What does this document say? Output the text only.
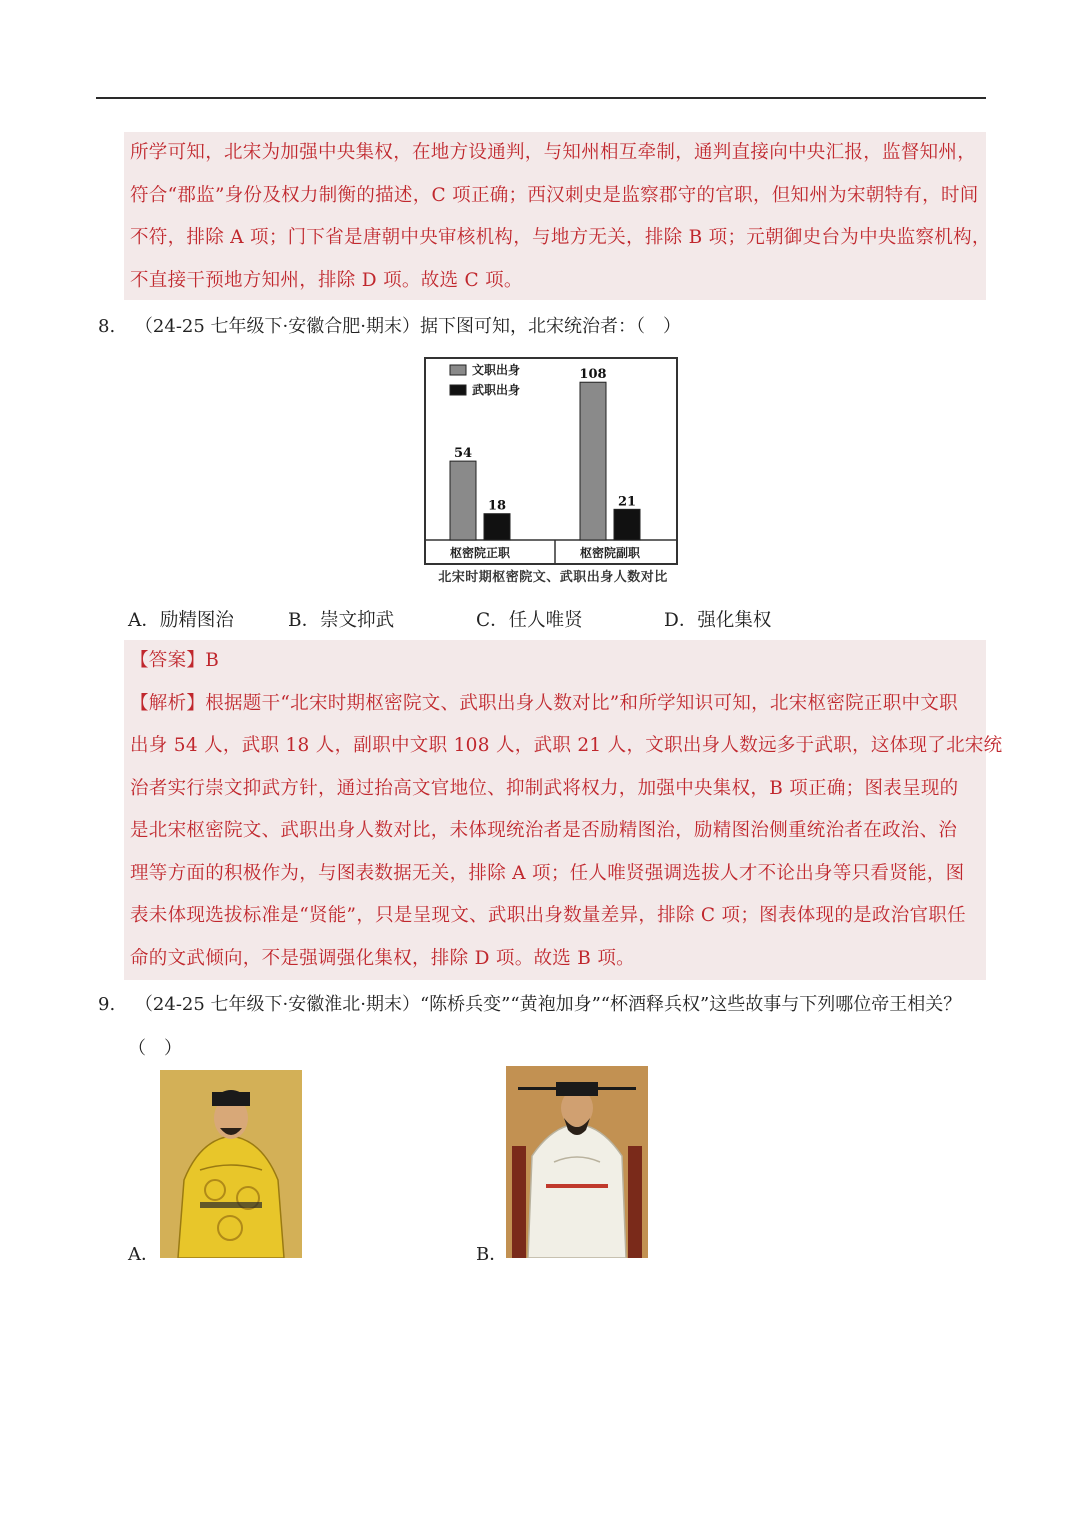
所学可知，北宋为加强中央集权，在地方设通判，与知州相互牵制，通判直接向中央汇报，监督知州，

符合“郡监”身份及权力制衡的描述，C 项正确；西汉刺史是监察郡守的官职，但知州为宋朝特有，时间

不符，排除 A 项；门下省是唐朝中央审核机构，与地方无关，排除 B 项；元朝御史台为中央监察机构，

不直接干预地方知州，排除 D 项。故选 C 项。

8. （24-25 七年级下·安徽合肥·期末）据下图可知，北宋统治者：（　）
文职出身
武职出身
54
18
枢密院正职
108
21
枢密院副职
北宋时期枢密院文、武职出身人数对比
A．励精图治	B．崇文抑武	C．任人唯贤	D．强化集权

【答案】B

【解析】根据题干“北宋时期枢密院文、武职出身人数对比”和所学知识可知，北宋枢密院正职中文职

出身 54 人，武职 18 人，副职中文职 108 人，武职 21 人，文职出身人数远多于武职，这体现了北宋统

治者实行崇文抑武方针，通过抬高文官地位、抑制武将权力，加强中央集权，B 项正确；图表呈现的

是北宋枢密院文、武职出身人数对比，未体现统治者是否励精图治，励精图治侧重统治者在政治、治

理等方面的积极作为，与图表数据无关，排除 A 项；任人唯贤强调选拔人才不论出身等只看贤能，图

表未体现选拔标准是“贤能”，只是呈现文、武职出身数量差异，排除 C 项；图表体现的是政治官职任

命的文武倾向，不是强调强化集权，排除 D 项。故选 B 项。

9. （24-25 七年级下·安徽淮北·期末）“陈桥兵变”“黄袍加身”“杯酒释兵权”这些故事与下列哪位帝王相关？
（　）
A．	B．
